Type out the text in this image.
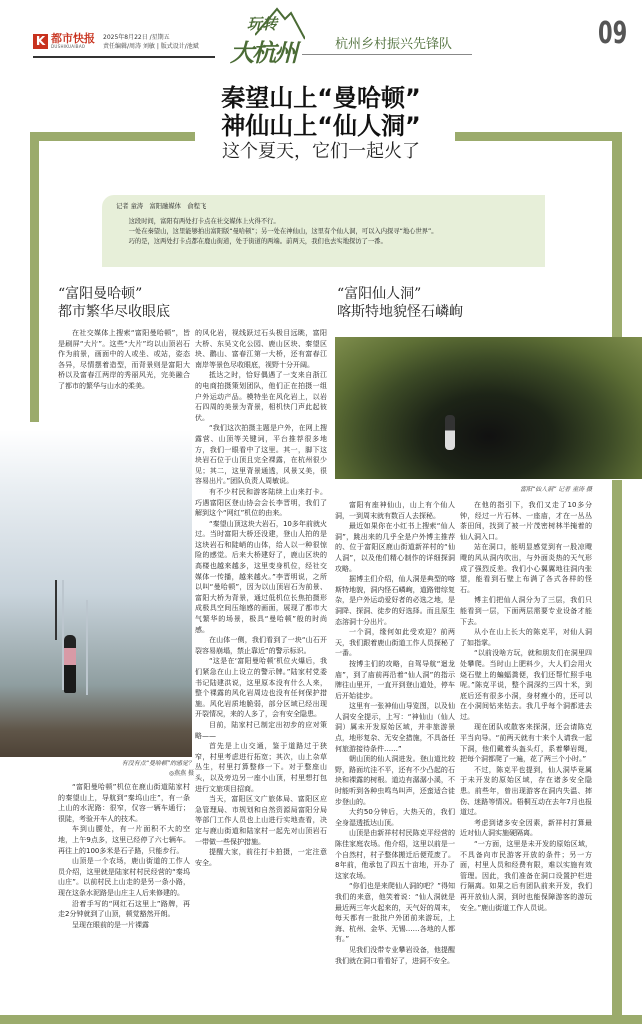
K 都市快报
DUSHIKUAIBAO
2025年8月22日 /星期五
责任编辑/周涛 刘敏 | 版式设计/池斌
玩转
大杭州	杭州乡村振兴先锋队	09
秦望山上“曼哈顿”
神仙山上“仙人洞”
这个夏天，它们一起火了
记者 童涛　富阳融媒体　俞程飞

这段时间，富阳有两处打卡点在社交媒体上火得不行。

一处在秦望山，这里能够拍出富阳版“曼哈顿”；另一处在神仙山，这里有个仙人洞，可以入内探寻“地心世界”。

巧的是，这两处打卡点都在鹿山街道，处于街道的两端。前两天，我们也去实地探访了一番。

“富阳曼哈顿”
都市繁华尽收眼底

在社交媒体上搜索“富阳曼哈顿”，皆是刷屏“大片”。这些“大片”均以山顶岩石作为前景，画面中的人或坐、或站，姿态各异，尽情摆着造型，而背景则是富阳大桥以及富春江两岸的秀丽风光，完美融合了都市的繁华与山水的柔美。

有没有点“曼哈顿”的感觉？
◎燕燕 摄

“富阳曼哈顿”机位在鹿山街道陆家村的秦望山上，导航到“秦坞山庄”，有一条上山的水泥路：很窄，仅容一辆车通行；很陡，考验开车人的技术。

车到山腰处，有一片面积不大的空地，上午9点多，这里已经停了六七辆车。再往上的100多米是石子路，只能步行。

山顶是一个农场，鹿山街道的工作人员介绍，这里就是陆家村村民经营的“秦坞山庄”。以前村民上山走的是另一条小路，现在这条水泥路是山庄主人后来修建的。

沿着手写的“网红石这里上”路牌，再走2分钟就到了山顶，顿觉豁然开朗。

呈现在眼前的是一片裸露

的风化岩，视线跃过石头极目远眺，富阳大桥、东吴文化公园、鹿山区块、秦望区块、鹳山、富春江第一大桥，还有富春江南岸等景色尽收眼底，视野十分开阔。

抵达之时，恰好偶遇了一支来自浙江的电商拍摄策划团队，他们正在拍摄一组户外运动产品。模特坐在风化岩上，以岩石四周的美景为背景，相机快门声此起彼伏。

“我们这次拍摄主题是户外，在网上搜露营、山顶等关键词，平台推荐很多地方，我们一眼看中了这里。其一，脚下这块岩石位于山顶且完全裸露，在杭州很少见；其二，这里背景通透，风景又美，很容易出片。”团队负责人周敏说。

有不少村民和游客陆续上山来打卡。巧遇富阳区登山协会会长李晋明，我们了解到这个“网红”机位的由来。

“秦望山顶这块大岩石，10多年前就火过。当时富阳大桥还没建，登山人拍的是这块岩石和陡峭的山体，给人以一种很惊险的感觉。后来大桥建好了，鹿山区块的高楼也越来越多，这里变身机位，经社交媒体一传播，越来越火。”李晋明说，之所以叫“曼哈顿”，因为以山顶岩石为前景、富阳大桥为背景，通过低机位长焦拍摄形成极具空间压缩感的画面，展现了都市大气繁华的场景，极具“曼哈顿”般的时尚感。

在山体一侧，我们看到了一块“山石开裂容易崩塌，禁止靠近”的警示标识。

“这是在‘富阳曼哈顿’机位火爆后，我们紧急在山上设立的警示牌。”陆家村党委书记陆建洪说，这里原本没有什么人来，整个裸露的风化岩周边也没有任何保护措施。风化岩质地脆弱，部分区域已经出现开裂情况，来的人多了，会有安全隐患。

目前，陆家村已制定出初步的应对策略——

首先是上山交通，鉴于道路过于狭窄，村里考虑进行拓宽；其次，山上杂草丛生，村里打算整修一下。对于整座山头，以及旁边另一座小山顶，村里想打包进行文旅项目招商。

当天，富阳区文广旅体局、富阳区应急管理局、市规划和自然资源局富阳分局等部门工作人员也上山进行实地查看，决定与鹿山街道和陆家村一起先对山顶岩石一带做一些保护措施。

提醒大家，前往打卡拍摄，一定注意安全。

“富阳仙人洞”
喀斯特地貌怪石嶙峋
富阳“仙人洞” 记者 童涛 摄

富阳有座神仙山，山上有个仙人洞，一到周末就有数百人去探秘。

最近如果你在小红书上搜索“仙人洞”，跳出来的几乎全是户外博主推荐的、位于富阳区鹿山街道新祥村的“仙人洞”，以及他们精心制作的详细探洞攻略。

据博主们介绍，仙人洞是典型的喀斯特地貌，洞内怪石嶙峋，道路错综复杂，是户外运动爱好者的必选之地，是洞降、探洞、徒步的好选择。而且原生态溶洞十分出片。

一个洞，缘何如此受欢迎？前两天，我们跟着鹿山街道工作人员探秘了一番。

按博主们的攻略，自驾导航“迴龙庙”，到了庙前再沿着“仙人洞”的指示牌往山里开，一直开到登山道处，停车后开始徒步。

这里有一张神仙山导览图，以及仙人洞安全提示，上写：“神仙山（仙人洞）属未开发原始区域，并非旅游景点，地形复杂、无安全措施，不具备任何旅游接待条件……”

朝山顶的仙人洞进发。登山道比较野，路面坑洼不平，还有不少凸起的石块和裸露的树根。道边有潺潺小溪，不时能听到各种虫鸣鸟叫声，还蛮适合徒步登山的。

大约50分钟后，大热天的，我们全身湿透抵达山顶。

山顶是由新祥村村民陈克平经营的陈佳家庭农场。他介绍，这里以前是一个自然村，村子整体搬迁后便荒废了。8年前，他承包了四五十亩地，开办了这家农场。

“你们也是来爬仙人洞的吧？”得知我们的来意，他笑着说：“仙人洞就是最近两三年火起来的，天气好的周末，每天都有一批批户外团前来游玩，上海、杭州、金华、无锡……各地的人都有。”

见我们没带专业攀岩设备，他提醒我们就在洞口看看好了，进洞不安全。

在他的指引下，我们又走了10多分钟，经过一片石林、一座庙，才在一丛丛茶田间，找到了被一片茂密树林半掩着的仙人洞入口。

站在洞口，能明显感觉到有一股凉飕飕的风从洞内吹出，与外面炎热的天气形成了强烈反差。我们小心翼翼地往洞内张望，能看到石壁上布满了各式各样的怪石。

博主们把仙人洞分为了三层，我们只能看到一层，下面两层需要专业设备才能下去。

从小在山上长大的陈克平，对仙人洞了如指掌。

“以前没啥方玩，就和朋友们在洞里四处攀爬。当时山上肥料少，大人们会用火烧石壁上的蝙蝠粪便，我们还帮忙照手电呢。”陈克平说，整个洞深约三四十米，到底后还有很多小洞，身材瘦小的，还可以在小洞间钻来钻去。我几乎每个洞都进去过。

现在团队或散客来探洞，还会请陈克平当向导。“前两天就有十来个人请我一起下洞，他们戴着头盔头灯，系着攀岩绳，把每个洞都爬了一遍，花了两三个小时。”

不过，陈克平也提到，仙人洞毕竟属于未开发的原始区域，存在诸多安全隐患。前些年，曾出现游客在洞内失温、摔伤、迷路等情况。梧桐互动在去年7月也报道过。

考虑到诸多安全因素，新祥村打算最近对仙人洞实施硬隔离。

“一方面，这里是未开发的原始区域，不具备向市民游客开放的条件；另一方面，村里人员和经费有限，难以实施有效管理。因此，我们准备在洞口设置护栏进行隔离。如果之后有团队前来开发，我们再开放仙人洞，到时也能保障游客的游玩安全。”鹿山街道工作人员说。
